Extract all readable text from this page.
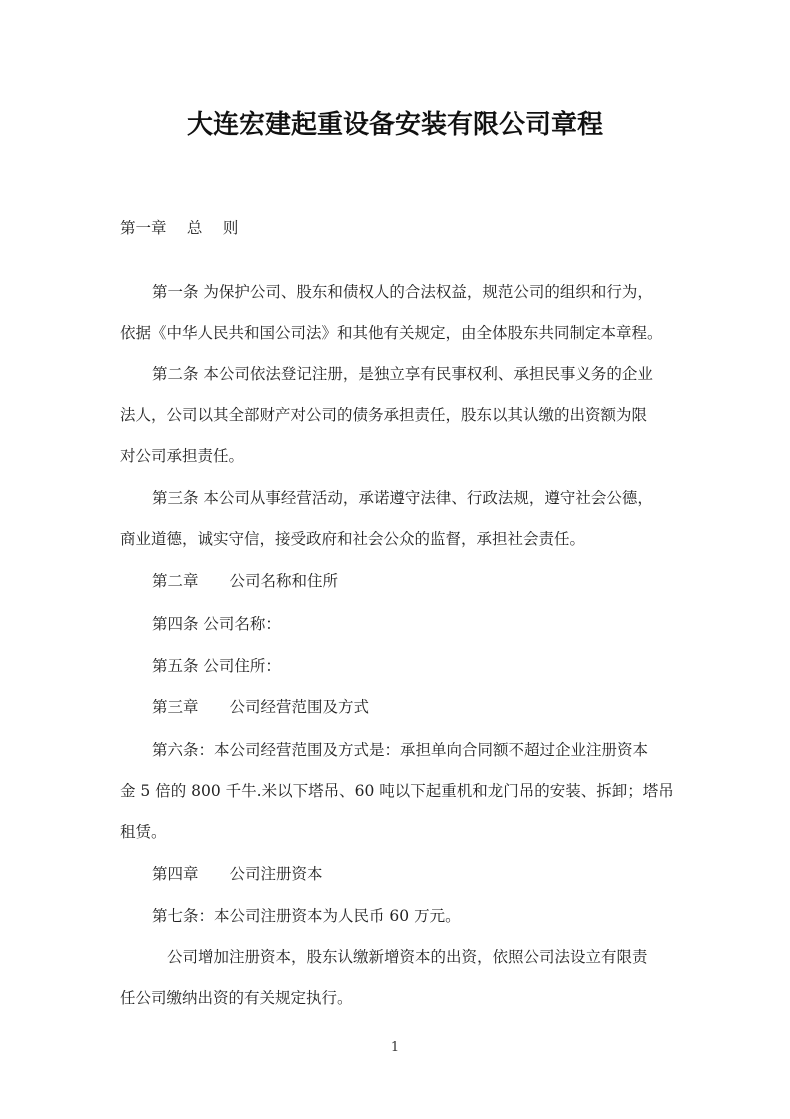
大连宏建起重设备安装有限公司章程
第一章　 总　 则
第一条 为保护公司、股东和债权人的合法权益，规范公司的组织和行为，
依据《中华人民共和国公司法》和其他有关规定，由全体股东共同制定本章程。
第二条 本公司依法登记注册，是独立享有民事权利、承担民事义务的企业
法人，公司以其全部财产对公司的债务承担责任，股东以其认缴的出资额为限
对公司承担责任。
第三条 本公司从事经营活动，承诺遵守法律、行政法规，遵守社会公德，
商业道德，诚实守信，接受政府和社会公众的监督，承担社会责任。
第二章　　公司名称和住所
第四条 公司名称：
第五条 公司住所：
第三章　　公司经营范围及方式
第六条：本公司经营范围及方式是：承担单向合同额不超过企业注册资本
金 5 倍的 800 千牛.米以下塔吊、60 吨以下起重机和龙门吊的安装、拆卸；塔吊
租赁。
第四章　　公司注册资本
第七条：本公司注册资本为人民币 60 万元。
公司增加注册资本，股东认缴新增资本的出资，依照公司法设立有限责
任公司缴纳出资的有关规定执行。
1
